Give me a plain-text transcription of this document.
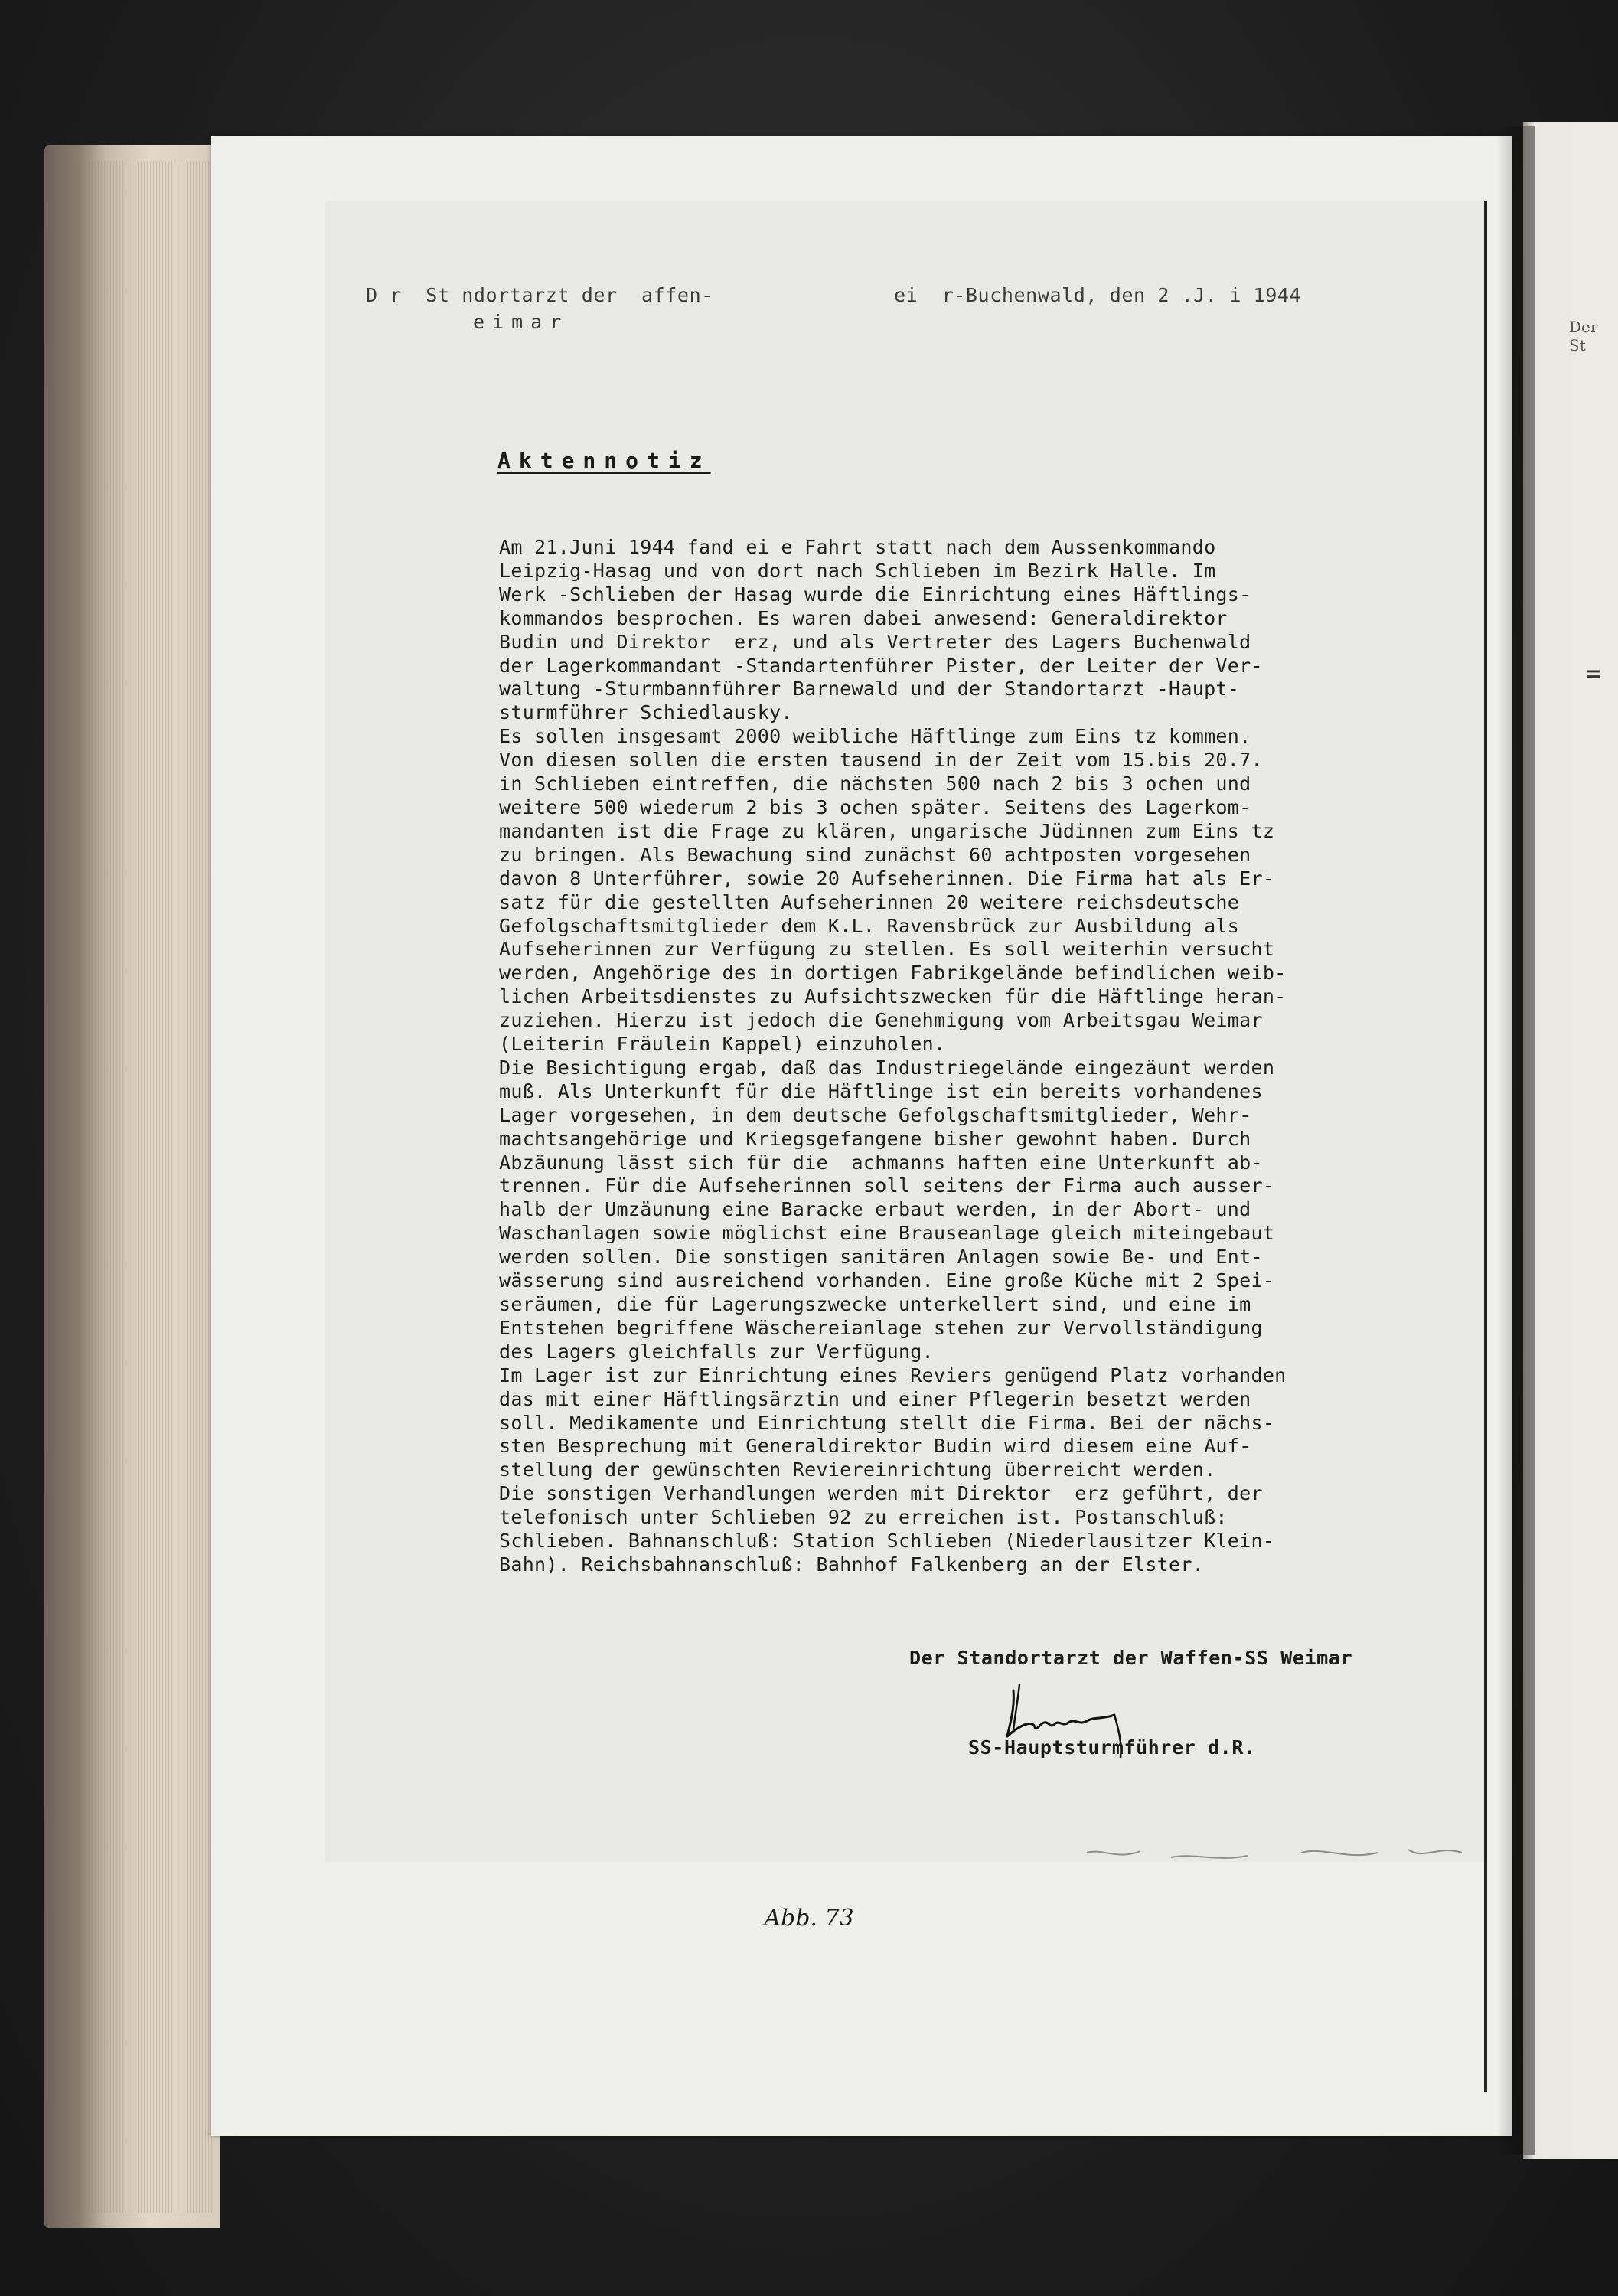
Der St
=
D r  St ndortarzt der  affen-
eimar
ei  r-Buchenwald, den 2 .J. i 1944
Aktennotiz
Am 21.Juni 1944 fand ei e Fahrt statt nach dem Aussenkommando
Leipzig-Hasag und von dort nach Schlieben im Bezirk Halle. Im
Werk -Schlieben der Hasag wurde die Einrichtung eines Häftlings-
kommandos besprochen. Es waren dabei anwesend: Generaldirektor
Budin und Direktor  erz, und als Vertreter des Lagers Buchenwald
der Lagerkommandant -Standartenführer Pister, der Leiter der Ver-
waltung -Sturmbannführer Barnewald und der Standortarzt -Haupt-
sturmführer Schiedlausky.
Es sollen insgesamt 2000 weibliche Häftlinge zum Eins tz kommen.
Von diesen sollen die ersten tausend in der Zeit vom 15.bis 20.7.
in Schlieben eintreffen, die nächsten 500 nach 2 bis 3 ochen und
weitere 500 wiederum 2 bis 3 ochen später. Seitens des Lagerkom-
mandanten ist die Frage zu klären, ungarische Jüdinnen zum Eins tz
zu bringen. Als Bewachung sind zunächst 60 achtposten vorgesehen
davon 8 Unterführer, sowie 20 Aufseherinnen. Die Firma hat als Er-
satz für die gestellten Aufseherinnen 20 weitere reichsdeutsche
Gefolgschaftsmitglieder dem K.L. Ravensbrück zur Ausbildung als
Aufseherinnen zur Verfügung zu stellen. Es soll weiterhin versucht
werden, Angehörige des in dortigen Fabrikgelände befindlichen weib-
lichen Arbeitsdienstes zu Aufsichtszwecken für die Häftlinge heran-
zuziehen. Hierzu ist jedoch die Genehmigung vom Arbeitsgau Weimar
(Leiterin Fräulein Kappel) einzuholen.
Die Besichtigung ergab, daß das Industriegelände eingezäunt werden
muß. Als Unterkunft für die Häftlinge ist ein bereits vorhandenes
Lager vorgesehen, in dem deutsche Gefolgschaftsmitglieder, Wehr-
machtsangehörige und Kriegsgefangene bisher gewohnt haben. Durch
Abzäunung lässt sich für die  achmanns haften eine Unterkunft ab-
trennen. Für die Aufseherinnen soll seitens der Firma auch ausser-
halb der Umzäunung eine Baracke erbaut werden, in der Abort- und
Waschanlagen sowie möglichst eine Brauseanlage gleich miteingebaut
werden sollen. Die sonstigen sanitären Anlagen sowie Be- und Ent-
wässerung sind ausreichend vorhanden. Eine große Küche mit 2 Spei-
seräumen, die für Lagerungszwecke unterkellert sind, und eine im
Entstehen begriffene Wäschereianlage stehen zur Vervollständigung
des Lagers gleichfalls zur Verfügung.
Im Lager ist zur Einrichtung eines Reviers genügend Platz vorhanden
das mit einer Häftlingsärztin und einer Pflegerin besetzt werden
soll. Medikamente und Einrichtung stellt die Firma. Bei der nächs-
sten Besprechung mit Generaldirektor Budin wird diesem eine Auf-
stellung der gewünschten Reviereinrichtung überreicht werden.
Die sonstigen Verhandlungen werden mit Direktor  erz geführt, der
telefonisch unter Schlieben 92 zu erreichen ist. Postanschluß:
Schlieben. Bahnanschluß: Station Schlieben (Niederlausitzer Klein-
Bahn). Reichsbahnanschluß: Bahnhof Falkenberg an der Elster.
Der Standortarzt der Waffen-SS Weimar
SS-Hauptsturmführer d.R.
Abb. 73
